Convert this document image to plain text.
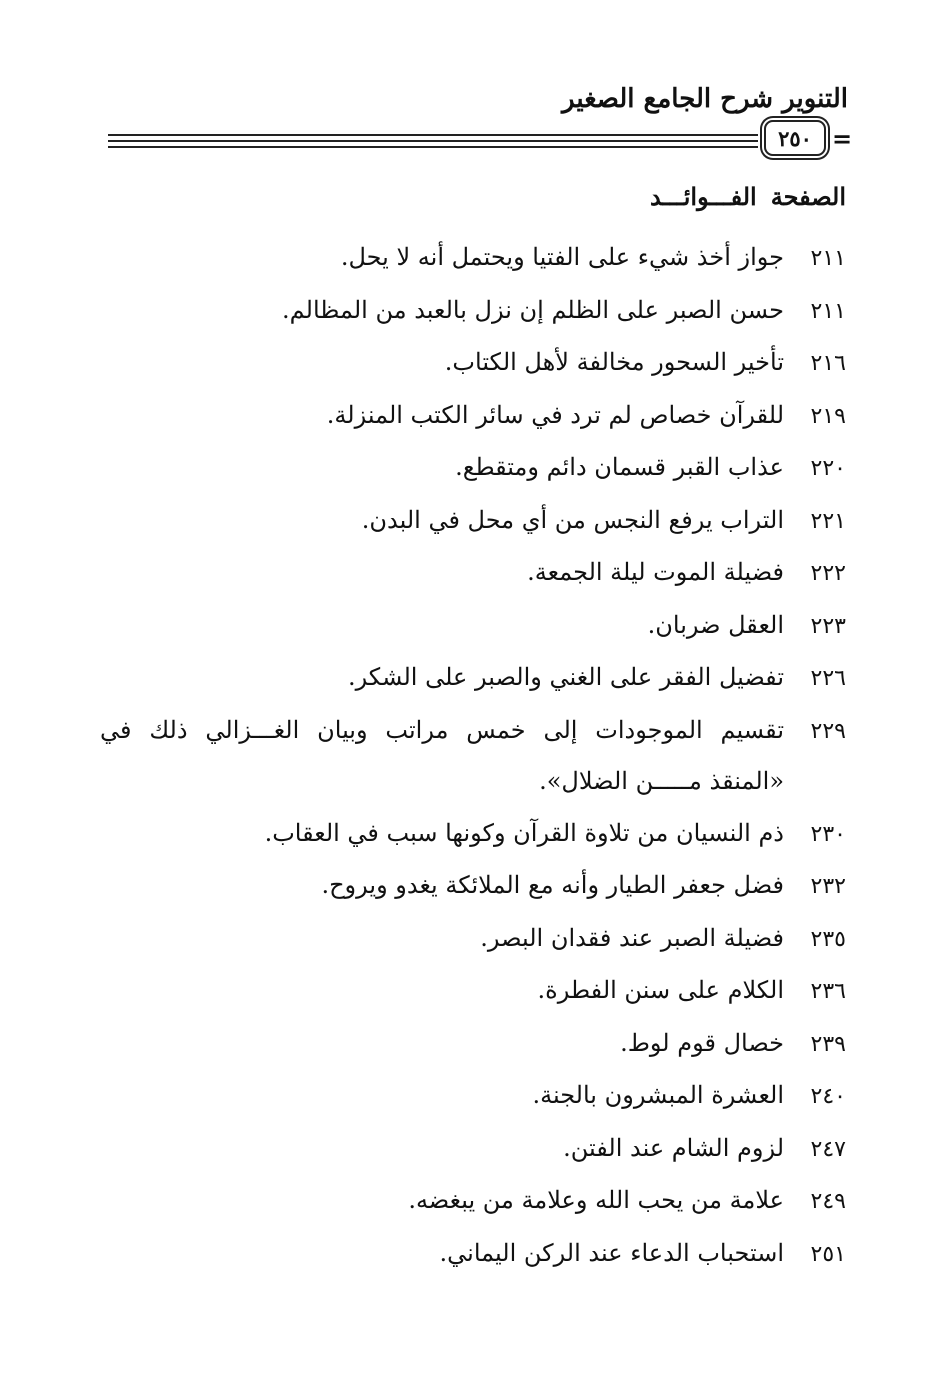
التنوير شرح الجامع الصغير
٢٥٠ =
الصفحةالفـــوائـــد
٢١١
جواز أخذ شيء على الفتيا ويحتمل أنه لا يحل.
٢١١
حسن الصبر على الظلم إن نزل بالعبد من المظالم.
٢١٦
تأخير السحور مخالفة لأهل الكتاب.
٢١٩
للقرآن خصاص لم ترد في سائر الكتب المنزلة.
٢٢٠
عذاب القبر قسمان دائم ومتقطع.
٢٢١
التراب يرفع النجس من أي محل في البدن.
٢٢٢
فضيلة الموت ليلة الجمعة.
٢٢٣
العقل ضربان.
٢٢٦
تفضيل الفقر على الغني والصبر على الشكر.
٢٢٩
تقسيم الموجودات إلى خمس مراتب وبيان الغـــزالي ذلك في «المنقذ مـــــن الضلال».
٢٣٠
ذم النسيان من تلاوة القرآن وكونها سبب في العقاب.
٢٣٢
فضل جعفر الطيار وأنه مع الملائكة يغدو ويروح.
٢٣٥
فضيلة الصبر عند فقدان البصر.
٢٣٦
الكلام على سنن الفطرة.
٢٣٩
خصال قوم لوط.
٢٤٠
العشرة المبشرون بالجنة.
٢٤٧
لزوم الشام عند الفتن.
٢٤٩
علامة من يحب الله وعلامة من يبغضه.
٢٥١
استحباب الدعاء عند الركن اليماني.
